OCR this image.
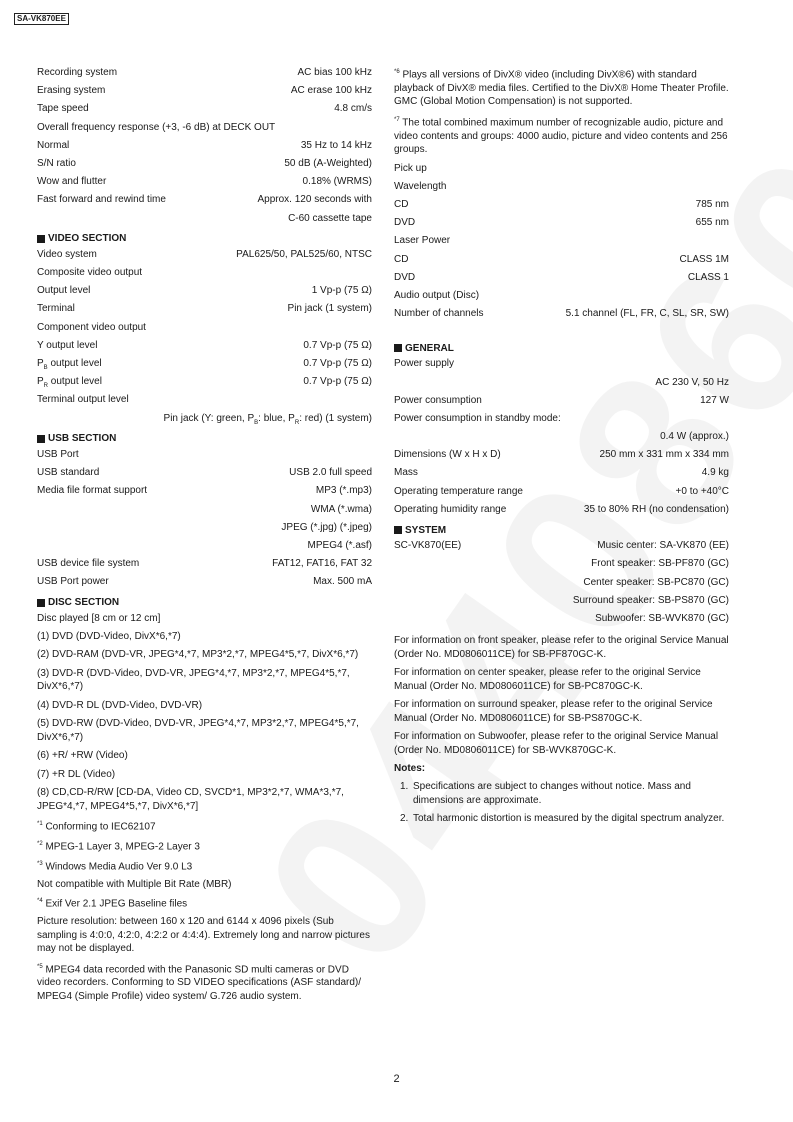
SA-VK870EE
Recording system	AC bias 100 kHz
Erasing system	AC erase 100 kHz
Tape speed	4.8 cm/s
Overall frequency response (+3, -6 dB) at DECK OUT
Normal	35 Hz to 14 kHz
S/N ratio	50 dB (A-Weighted)
Wow and flutter	0.18% (WRMS)
Fast forward and rewind time	Approx. 120 seconds with
C-60 cassette tape
VIDEO SECTION
Video system	PAL625/50, PAL525/60, NTSC
Composite video output
Output level	1 Vp-p (75 Ω)
Terminal	Pin jack (1 system)
Component video output
Y output level	0.7 Vp-p (75 Ω)
$P_B$ output level	0.7 Vp-p (75 Ω)
$P_R$ output level	0.7 Vp-p (75 Ω)
Terminal output level
Pin jack (Y: green, $P_B$: blue, $P_R$: red) (1 system)
USB SECTION
USB Port
USB standard	USB 2.0 full speed
Media file format support	MP3 (*.mp3)
WMA (*.wma)
JPEG (*.jpg) (*.jpeg)
MPEG4 (*.asf)
USB device file system	FAT12, FAT16, FAT 32
USB Port power	Max. 500 mA
DISC SECTION
Disc played [8 cm or 12 cm]
(1) DVD (DVD-Video, DivX*6,*7)
(2) DVD-RAM (DVD-VR, JPEG*4,*7, MP3*2,*7, MPEG4*5,*7, DivX*6,*7)
(3) DVD-R (DVD-Video, DVD-VR, JPEG*4,*7, MP3*2,*7, MPEG4*5,*7, DivX*6,*7)
(4) DVD-R DL (DVD-Video, DVD-VR)
(5) DVD-RW (DVD-Video, DVD-VR, JPEG*4,*7, MP3*2,*7, MPEG4*5,*7, DivX*6,*7)
(6) +R/ +RW (Video)
(7) +R DL (Video)
(8) CD,CD-R/RW [CD-DA, Video CD, SVCD*1, MP3*2,*7, WMA*3,*7, JPEG*4,*7, MPEG4*5,*7, DivX*6,*7]
$^{*1}$ Conforming to IEC62107
$^{*2}$ MPEG-1 Layer 3, MPEG-2 Layer 3
$^{*3}$ Windows Media Audio Ver 9.0 L3
Not compatible with Multiple Bit Rate (MBR)
$^{*4}$ Exif Ver 2.1 JPEG Baseline files
Picture resolution: between 160 x 120 and 6144 x 4096 pixels (Sub sampling is 4:0:0, 4:2:0, 4:2:2 or 4:4:4). Extremely long and narrow pictures may not be displayed.
$^{*5}$ MPEG4 data recorded with the Panasonic SD multi cameras or DVD video recorders. Conforming to SD VIDEO specifications (ASF standard)/ MPEG4 (Simple Profile) video system/ G.726 audio system.
$^{*6}$ Plays all versions of DivX® video (including DivX®6) with standard playback of DivX® media files. Certified to the DivX® Home Theater Profile. GMC (Global Motion Compensation) is not supported.
$^{*7}$ The total combined maximum number of recognizable audio, picture and video contents and groups: 4000 audio, picture and video contents and 256 groups.
Pick up
Wavelength
CD	785 nm
DVD	655 nm
Laser Power
CD	CLASS 1M
DVD	CLASS 1
Audio output (Disc)
Number of channels	5.1 channel (FL, FR, C, SL, SR, SW)
GENERAL
Power supply
AC 230 V, 50 Hz
Power consumption	127 W
Power consumption in standby mode:
0.4 W (approx.)
Dimensions (W x H x D)	250 mm x 331 mm x 334 mm
Mass	4.9 kg
Operating temperature range	+0 to +40°C
Operating humidity range	35 to 80% RH (no condensation)
SYSTEM
SC-VK870(EE)	Music center: SA-VK870 (EE)
Front speaker: SB-PF870 (GC)
Center speaker: SB-PC870 (GC)
Surround speaker: SB-PS870 (GC)
Subwoofer: SB-WVK870 (GC)
For information on front speaker, please refer to the original Service Manual (Order No. MD0806011CE) for SB-PF870GC-K.
For information on center speaker, please refer to the original Service Manual (Order No. MD0806011CE) for SB-PC870GC-K.
For information on surround speaker, please refer to the original Service Manual (Order No. MD0806011CE) for SB-PS870GC-K.
For information on Subwoofer, please refer to the original Service Manual (Order No. MD0806011CE) for SB-WVK870GC-K.
Notes:
1. Specifications are subject to changes without notice. Mass and dimensions are approximate.
2. Total harmonic distortion is measured by the digital spectrum analyzer.
2
